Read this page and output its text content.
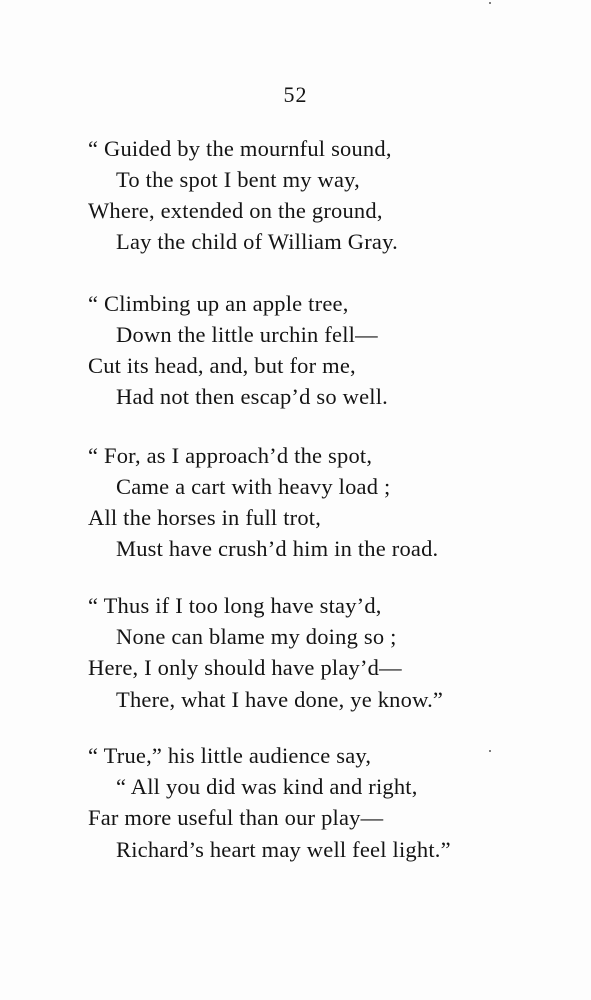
52
“ Guided by the mournful sound,
To the spot I bent my way,
Where, extended on the ground,
Lay the child of William Gray.
“ Climbing up an apple tree,
Down the little urchin fell—
Cut its head, and, but for me,
Had not then escap’d so well.
“ For, as I approach’d the spot,
Came a cart with heavy load ;
All the horses in full trot,
Must have crush’d him in the road.
“ Thus if I too long have stay’d,
None can blame my doing so ;
Here, I only should have play’d—
There, what I have done, ye know.”
“ True,” his little audience say,
“ All you did was kind and right,
Far more useful than our play—
Richard’s heart may well feel light.”
